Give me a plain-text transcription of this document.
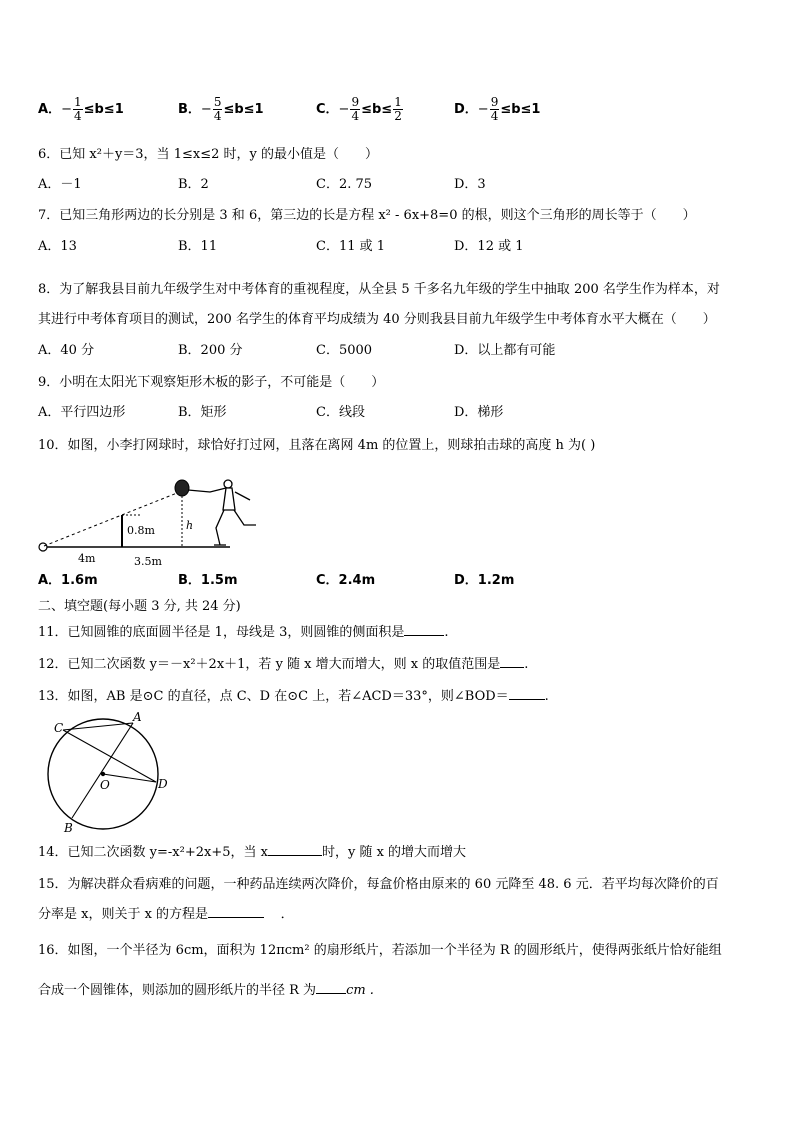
A．− $\frac{1}{4} \le b\le 1$	B．− $\frac{5}{4} \le b\le 1$	C．− $\frac{9}{4} \le b\le \frac{1}{2}$	D．− $\frac{9}{4} \le b\le 1$
6．已知 x²＋y＝3，当 1≤x≤2 时，y 的最小值是（　　）
A．－1	B．2	C．2. 75	D．3
7．已知三角形两边的长分别是 3 和 6，第三边的长是方程 x² - 6x+8=0 的根，则这个三角形的周长等于（　　）
A．13	B．11	C．11 或 1	D．12 或 1
8．为了解我县目前九年级学生对中考体育的重视程度，从全县 5 千多名九年级的学生中抽取 200 名学生作为样本，对
其进行中考体育项目的测试，200 名学生的体育平均成绩为 40 分则我县目前九年级学生中考体育水平大概在（　　）
A．40 分	B．200 分	C．5000	D．以上都有可能
9．小明在太阳光下观察矩形木板的影子，不可能是（　　）
A．平行四边形	B．矩形	C．线段	D．梯形
10．如图，小李打网球时，球恰好打过网，且落在离网 4m 的位置上，则球拍击球的高度 h 为( )
0.8m	h
4m	3.5m
A．1.6m	B．1.5m	C．2.4m	D．1.2m
二、填空题(每小题 3 分, 共 24 分)
11．已知圆锥的底面圆半径是 1，母线是 3，则圆锥的侧面积是	.
12．已知二次函数 y＝－x²＋2x＋1，若 y 随 x 增大而增大，则 x 的取值范围是 .
13．如图，AB 是⊙C 的直径，点 C、D 在⊙C 上，若∠ACD＝33°，则∠BOD＝	.
C
A
D
B
O
14．已知二次函数 y=-x²+2x+5，当 x	时，y 随 x 的增大而增大
15．为解决群众看病难的问题，一种药品连续两次降价，每盒价格由原来的 60 元降至 48. 6 元．若平均每次降价的百
分率是 x，则关于 x 的方程是	．
16．如图，一个半径为 6cm，面积为 12πcm² 的扇形纸片，若添加一个半径为 R 的圆形纸片，使得两张纸片恰好能组
合成一个圆锥体，则添加的圆形纸片的半径 R 为 cm .
